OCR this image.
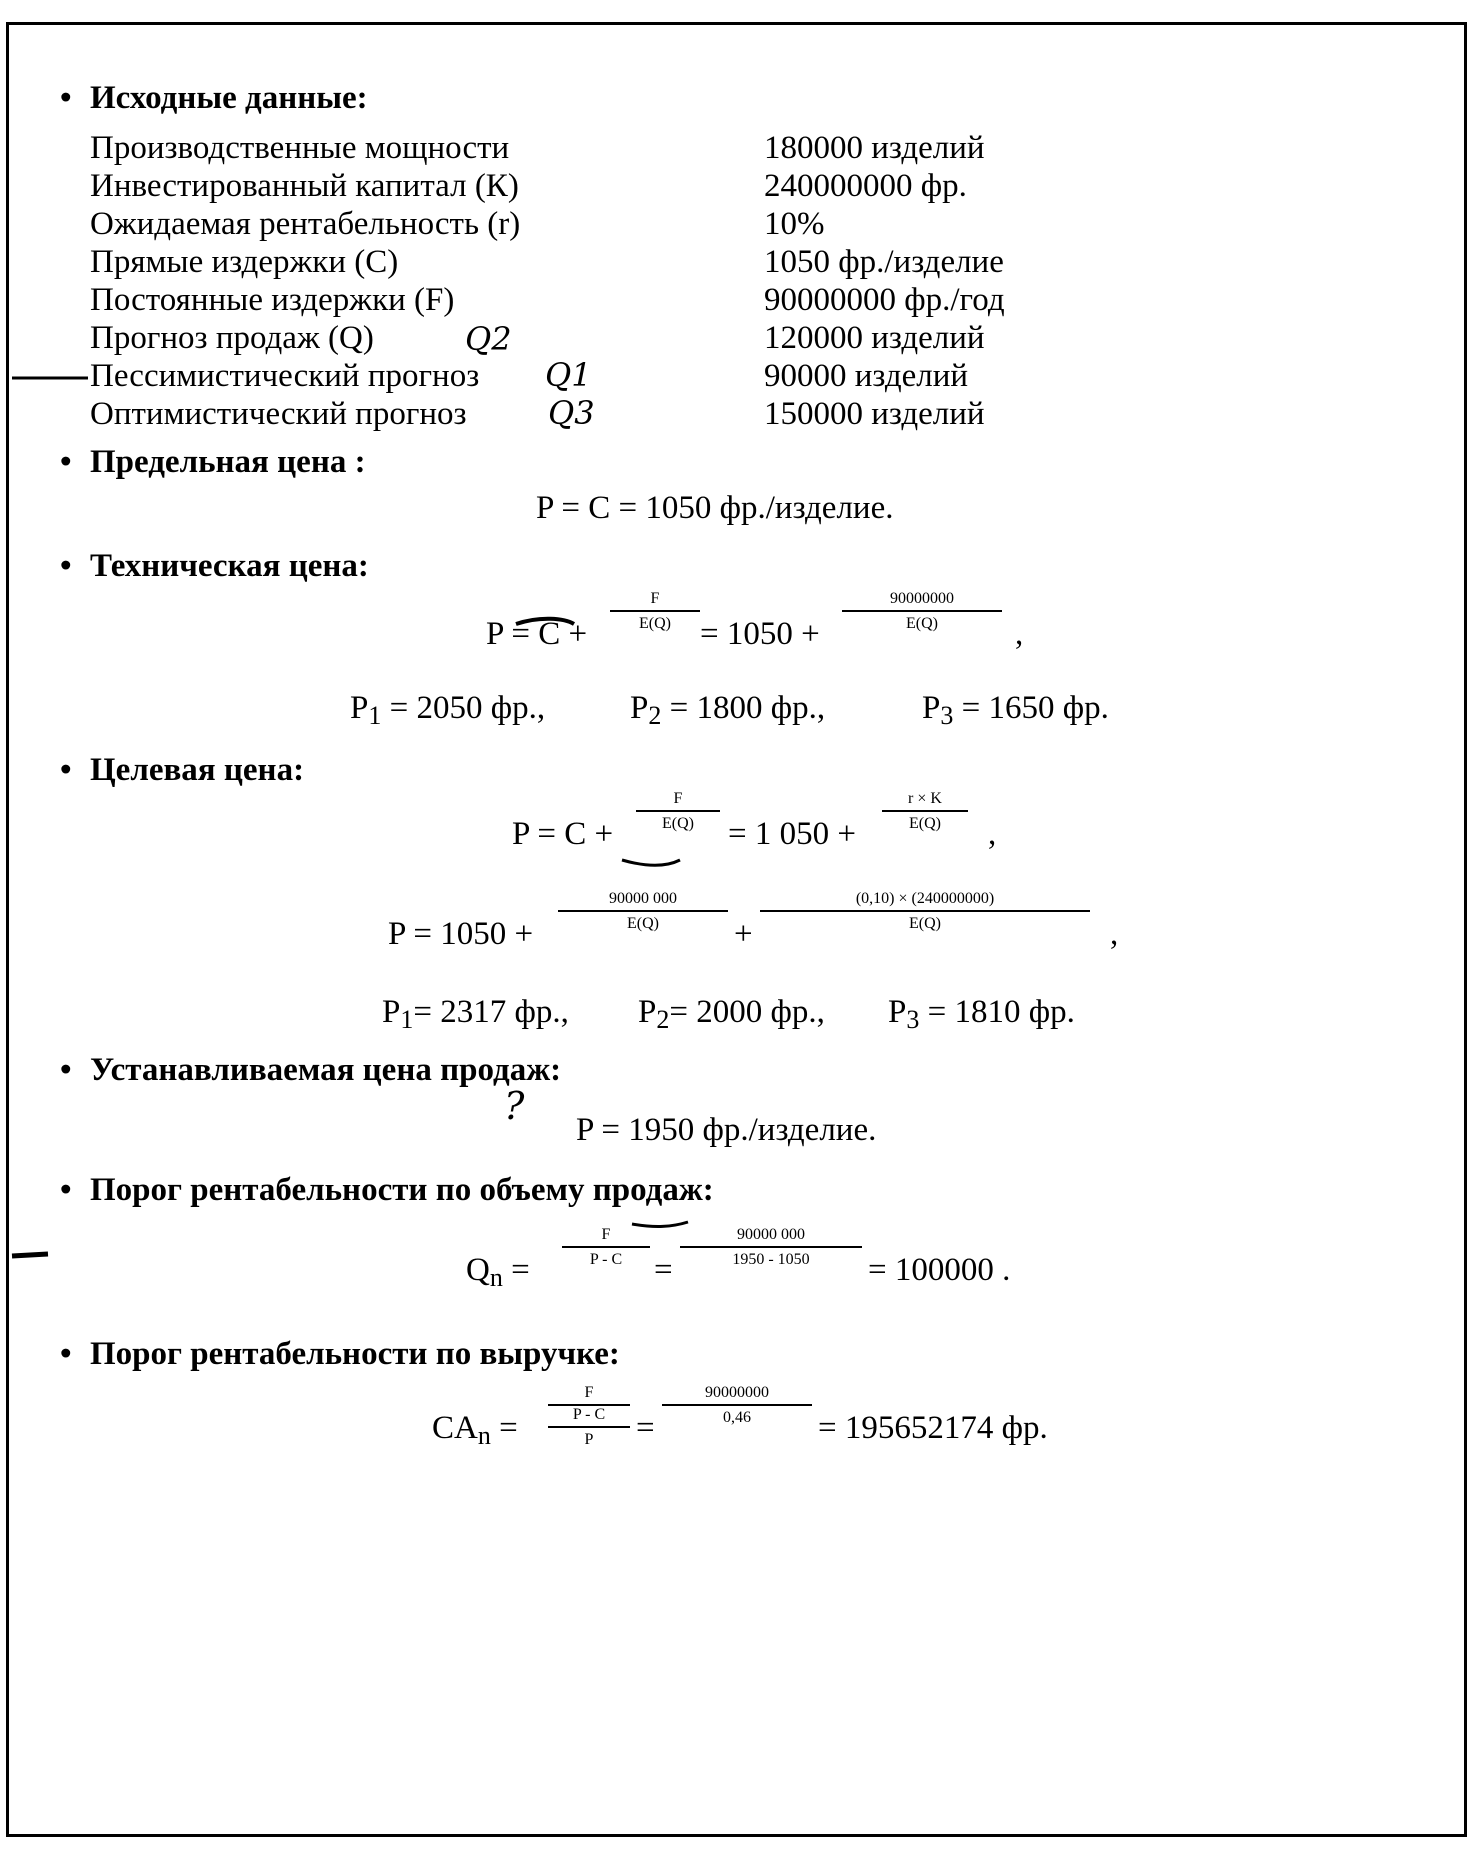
• Исходные данные:
Производственные мощности	180000 изделий
Инвестированный капитал (К)	240000000 фр.
Ожидаемая рентабельность (r)	10%
Прямые издержки (С)	1050 фр./изделие
Постоянные издержки (F)	90000000 фр./год
Прогноз продаж (Q)	120000 изделий
Q2
Пессимистический прогноз	90000 изделий
Q1
Оптимистический прогноз	150000 изделий
Q3
• Предельная цена :
P = C = 1050 фр./изделие.
• Техническая цена:
P = C +
$\frac{F}{E(Q)}$
= 1050 +
$\frac{90000000}{E(Q)}$
,
$P_1 = 2050$ фр.,	$P_2 = 1800$ фр.,	$P_3 = 1650$ фр.
• Целевая цена:
P = C +
$\frac{F}{E(Q)}$
= 1 050 +
$\frac{r \times K}{E(Q)}$
,
P = 1050 +
$\frac{90000 000}{E(Q)}$
+
$\frac{(0,10) \times (240000000)}{E(Q)}$
,
$P_1= 2317$ фр., $P_2= 2000$ фр., $P_3 = 1810$ фр.
• Устанавливаемая цена продаж:
?
P = 1950 фр./изделие.
• Порог рентабельности по объему продаж:
$Q_n$ =
$\frac{F}{P - C}$
=
$\frac{90000 000}{1950 - 1050}$
= 100000 .
• Порог рентабельности по выручке:
$CA_n$ =
F
P - C
P	=
$\frac{90000000}{0,46}$
= 195652174 фр.
